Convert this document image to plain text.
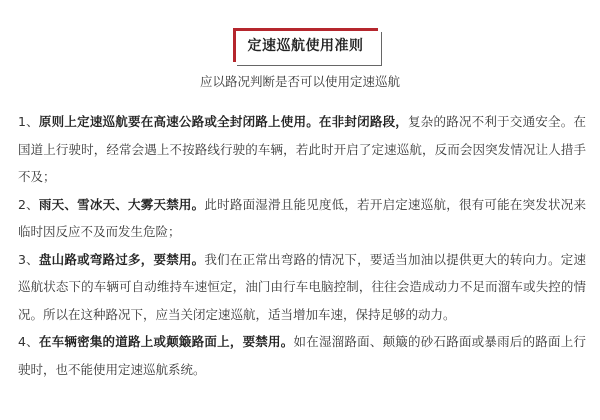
定速巡航使用准则
应以路况判断是否可以使用定速巡航

1、原则上定速巡航要在高速公路或全封闭路上使用。在非封闭路段，复杂的路况不利于交通安全。在国道上行驶时，经常会遇上不按路线行驶的车辆，若此时开启了定速巡航，反而会因突发情况让人措手不及；

2、雨天、雪冰天、大雾天禁用。此时路面湿滑且能见度低，若开启定速巡航，很有可能在突发状况来临时因反应不及而发生危险；

3、盘山路或弯路过多，要禁用。我们在正常出弯路的情况下，要适当加油以提供更大的转向力。定速巡航状态下的车辆可自动维持车速恒定，油门由行车电脑控制，往往会造成动力不足而溜车或失控的情况。所以在这种路况下，应当关闭定速巡航，适当增加车速，保持足够的动力。

4、在车辆密集的道路上或颠簸路面上，要禁用。如在湿溜路面、颠簸的砂石路面或暴雨后的路面上行驶时，也不能使用定速巡航系统。
